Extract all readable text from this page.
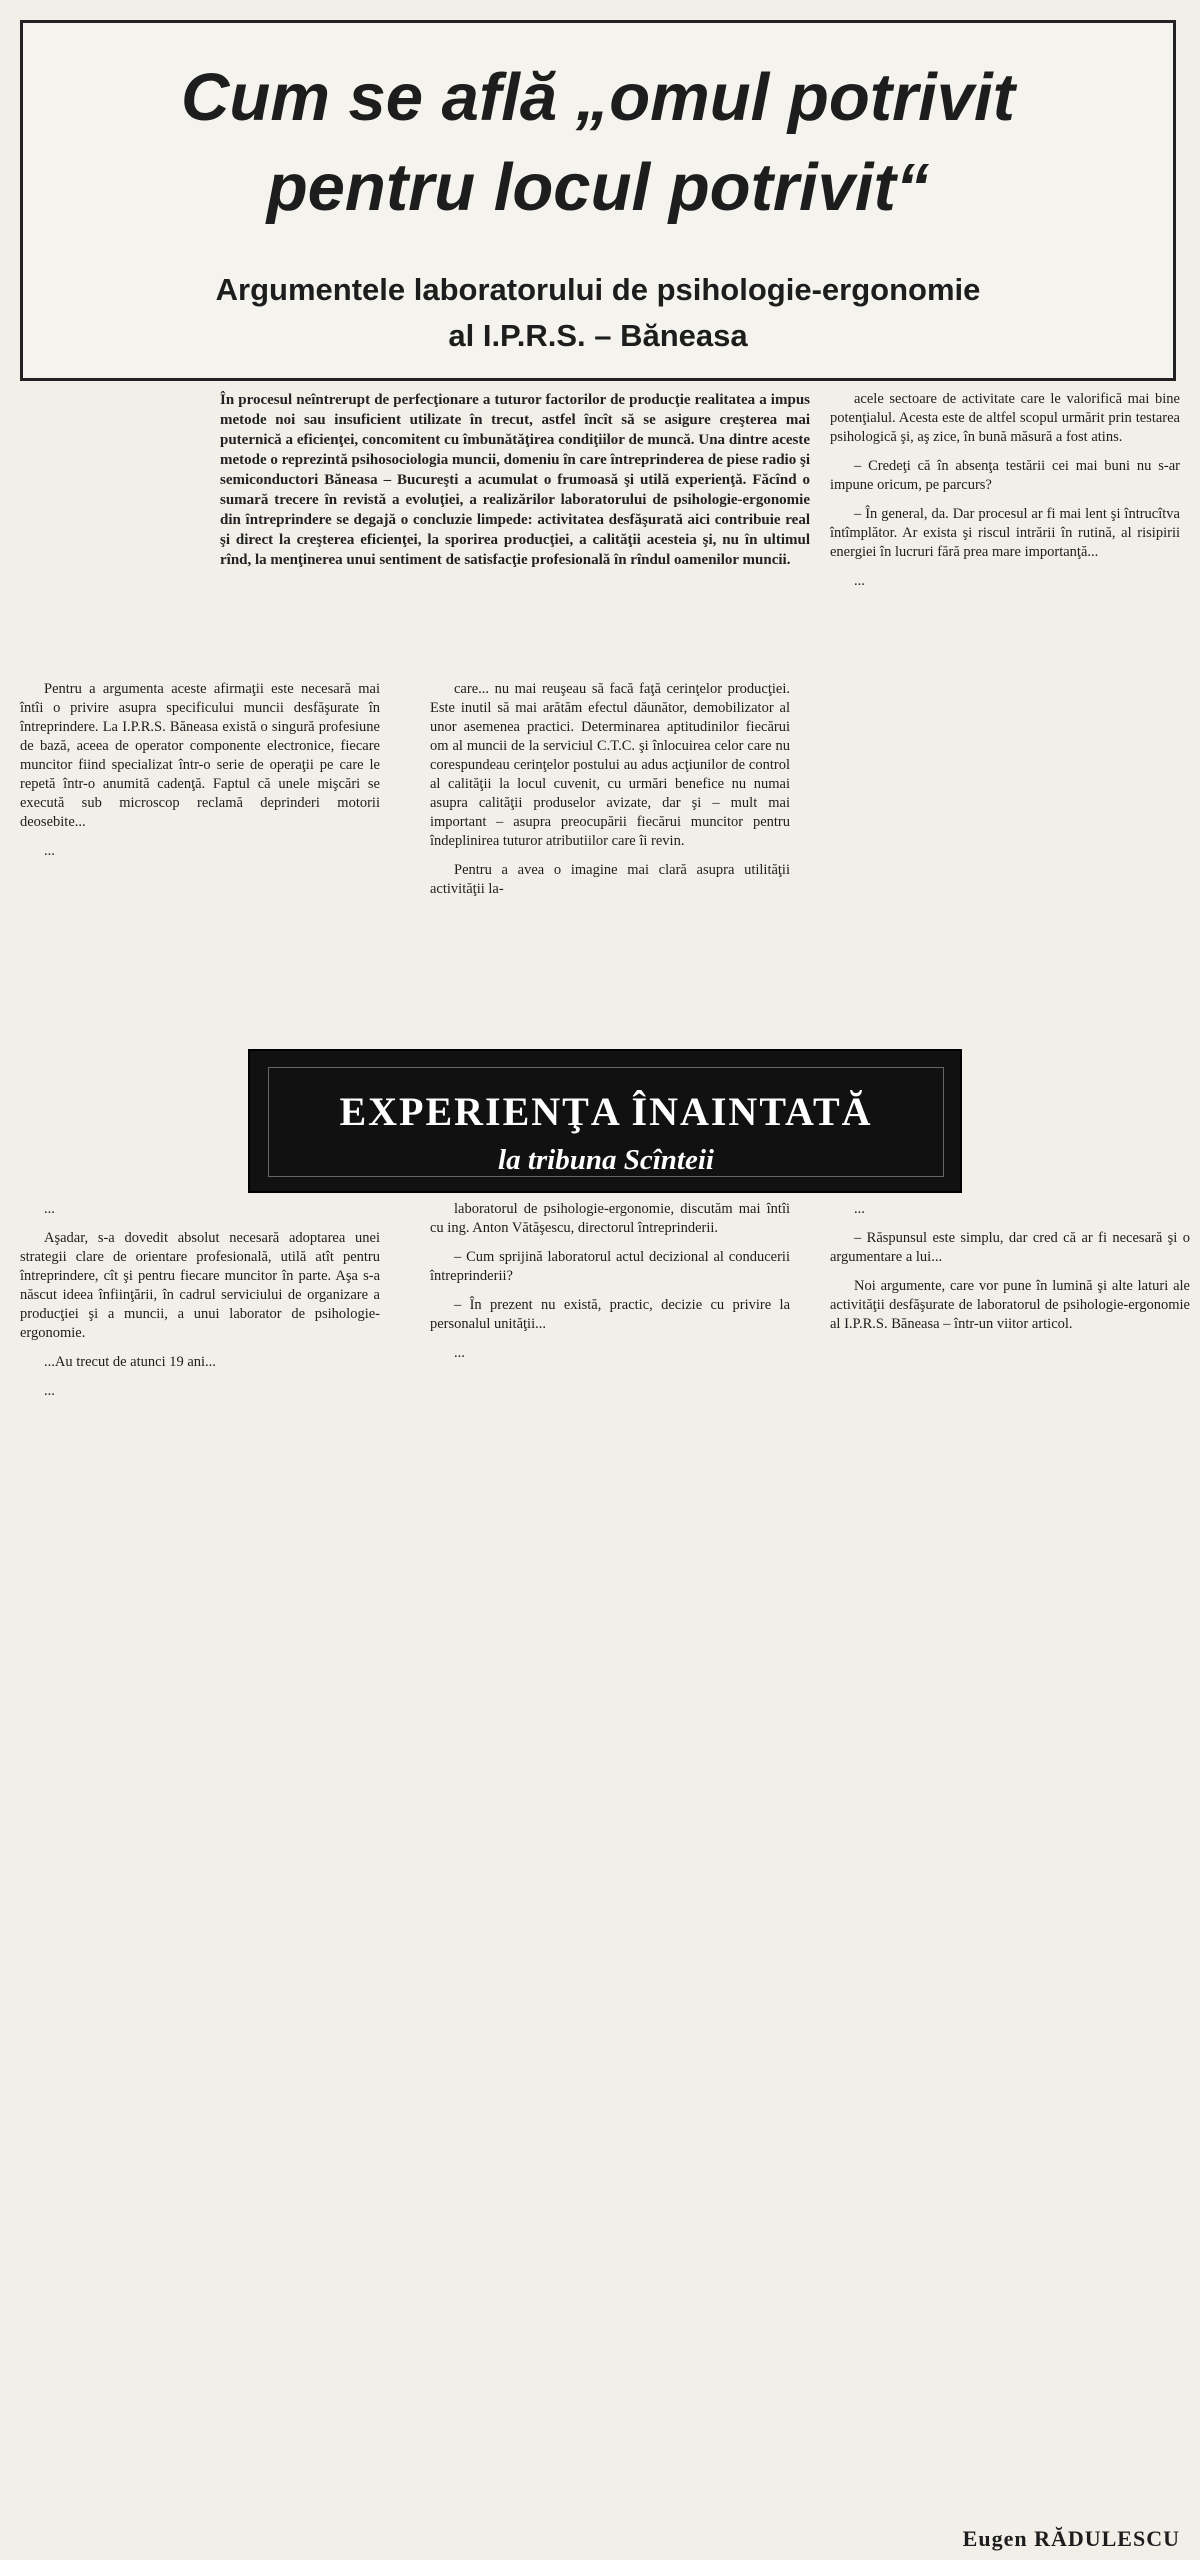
Cum se află „omul potrivit
pentru locul potrivit“
Argumentele laboratorului de psihologie-ergonomie
al I.P.R.S. – Băneasa
În procesul neîntrerupt de perfecţionare a tuturor factorilor de producţie realitatea a impus metode noi sau insuficient utilizate în trecut, astfel încît să se asigure creşterea mai puternică a eficienţei, concomitent cu îmbunătăţirea condiţiilor de muncă. Una dintre aceste metode o reprezintă psihosociologia muncii, domeniu în care întreprinderea de piese radio şi semiconductori Băneasa – Bucureşti a acumulat o frumoasă şi utilă experienţă. Făcînd o sumară trecere în revistă a evoluţiei, a realizărilor laboratorului de psihologie-ergonomie din întreprindere se degajă o concluzie limpede: activitatea desfăşurată aici contribuie real şi direct la creşterea eficienţei, la sporirea producţiei, a calităţii acesteia şi, nu în ultimul rînd, la menţinerea unui sentiment de satisfacţie profesională în rîndul oamenilor muncii.

Pentru a argumenta aceste afirmaţii este necesară mai întîi o privire asupra specificului muncii desfăşurate în întreprindere. La I.P.R.S. Băneasa există o singură profesiune de bază, aceea de operator componente electronice, fiecare muncitor fiind specializat într-o serie de operaţii pe care le repetă într-o anumită cadenţă. Faptul că unele mişcări se execută sub microscop reclamă deprinderi motorii deosebite...

...

care... nu mai reuşeau să facă faţă cerinţelor producţiei. Este inutil să mai arătăm efectul dăunător, demobilizator al unor asemenea practici. Determinarea aptitudinilor fiecărui om al muncii de la serviciul C.T.C. şi înlocuirea celor care nu corespundeau cerinţelor postului au adus acţiunilor de control al calităţii la locul cuvenit, cu urmări benefice nu numai asupra calităţii produselor avizate, dar şi – mult mai important – asupra preocupării fiecărui muncitor pentru îndeplinirea tuturor atributiilor care îi revin.

Pentru a avea o imagine mai clară asupra utilităţii activităţii la-

acele sectoare de activitate care le valorifică mai bine potenţialul. Acesta este de altfel scopul urmărit prin testarea psihologică şi, aş zice, în bună măsură a fost atins.

– Credeţi că în absenţa testării cei mai buni nu s-ar impune oricum, pe parcurs?

– În general, da. Dar procesul ar fi mai lent şi întrucîtva întîmplător. Ar exista şi riscul intrării în rutină, al risipirii energiei în lucruri fără prea mare importanţă...

...

EXPERIENŢA ÎNAINTATĂ
la tribuna Scînteii

...

Aşadar, s-a dovedit absolut necesară adoptarea unei strategii clare de orientare profesională, utilă atît pentru întreprindere, cît şi pentru fiecare muncitor în parte. Aşa s-a născut ideea înfiinţării, în cadrul serviciului de organizare a producţiei şi a muncii, a unui laborator de psihologie-ergonomie.

...Au trecut de atunci 19 ani...

...

laboratorul de psihologie-ergonomie, discutăm mai întîi cu ing. Anton Vătăşescu, directorul întreprinderii.

– Cum sprijină laboratorul actul decizional al conducerii întreprinderii?

– În prezent nu există, practic, decizie cu privire la personalul unităţii...

...

...

– Răspunsul este simplu, dar cred că ar fi necesară şi o argumentare a lui...

Noi argumente, care vor pune în lumină şi alte laturi ale activităţii desfăşurate de laboratorul de psihologie-ergonomie al I.P.R.S. Băneasa – într-un viitor articol.

Eugen RĂDULESCU
